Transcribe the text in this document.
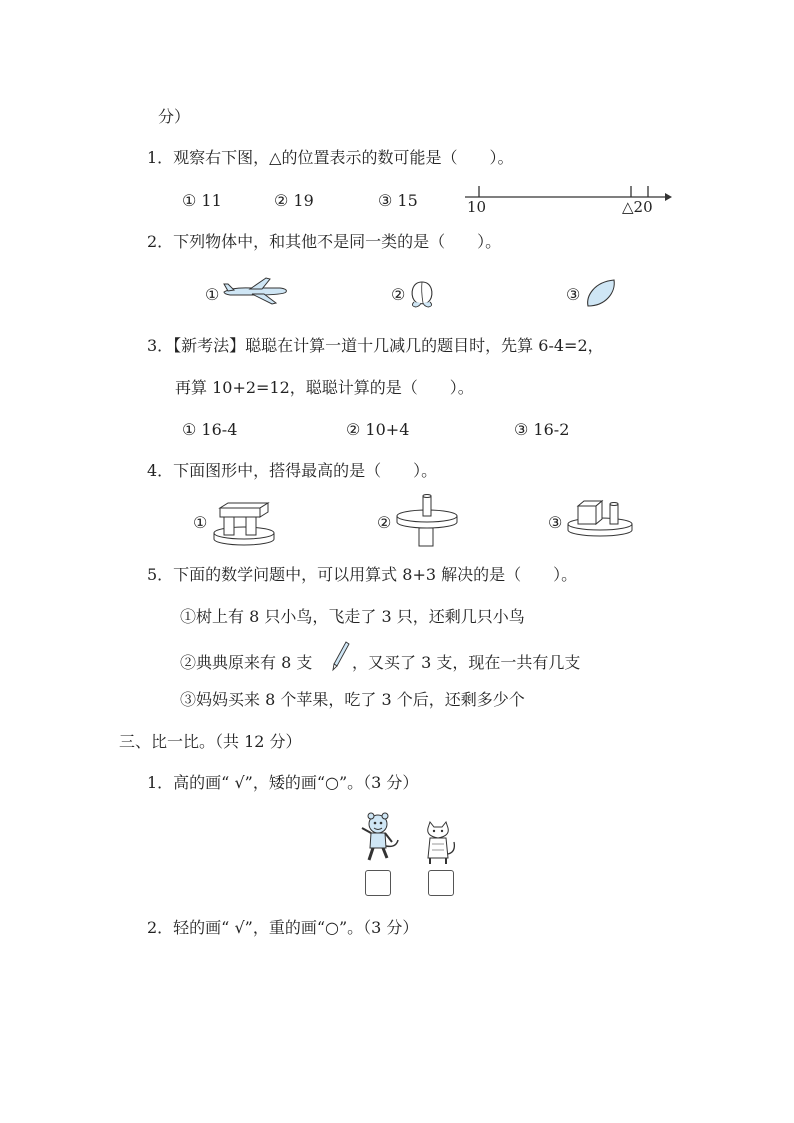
分）
1．观察右下图，△的位置表示的数可能是（　　）。
① 11	② 19	③ 15	10	△20
2．下列物体中，和其他不是同一类的是（　　）。
①	②	③
3．【新考法】聪聪在计算一道十几减几的题目时，先算 6-4=2，
再算 10+2=12，聪聪计算的是（　　）。
① 16-4	② 10+4	③ 16-2
4．下面图形中，搭得最高的是（　　）。
①	②	③
5．下面的数学问题中，可以用算式 8+3 解决的是（　　）。
①树上有 8 只小鸟，飞走了 3 只，还剩几只小鸟
②典典原来有 8 支 ，又买了 3 支，现在一共有几支
③妈妈买来 8 个苹果，吃了 3 个后，还剩多少个
三、比一比。（共 12 分）
1．高的画“ √”，矮的画“○”。（3 分）
2．轻的画“ √”，重的画“○”。（3 分）
